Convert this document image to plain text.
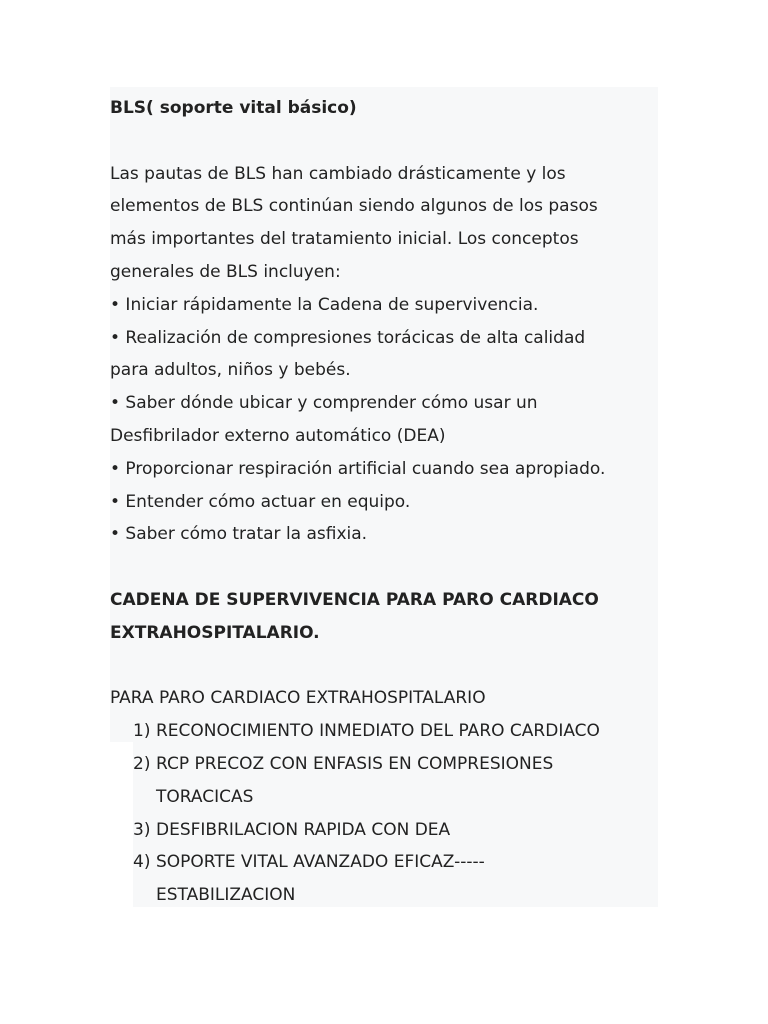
BLS( soporte vital básico)

Las pautas de BLS han cambiado drásticamente y los

elementos de BLS continúan siendo algunos de los pasos

más importantes del tratamiento inicial. Los conceptos

generales de BLS incluyen:

• Iniciar rápidamente la Cadena de supervivencia.

• Realización de compresiones torácicas de alta calidad

para adultos, niños y bebés.

• Saber dónde ubicar y comprender cómo usar un

Desfibrilador externo automático (DEA)

• Proporcionar respiración artificial cuando sea apropiado.

• Entender cómo actuar en equipo.

• Saber cómo tratar la asfixia.

CADENA DE SUPERVIVENCIA PARA PARO CARDIACO

EXTRAHOSPITALARIO.

PARA PARO CARDIACO EXTRAHOSPITALARIO

1) RECONOCIMIENTO INMEDIATO DEL PARO CARDIACO
2) RCP PRECOZ CON ENFASIS EN COMPRESIONES
TORACICAS
3) DESFIBRILACION RAPIDA CON DEA
4) SOPORTE VITAL AVANZADO EFICAZ-----
ESTABILIZACION
